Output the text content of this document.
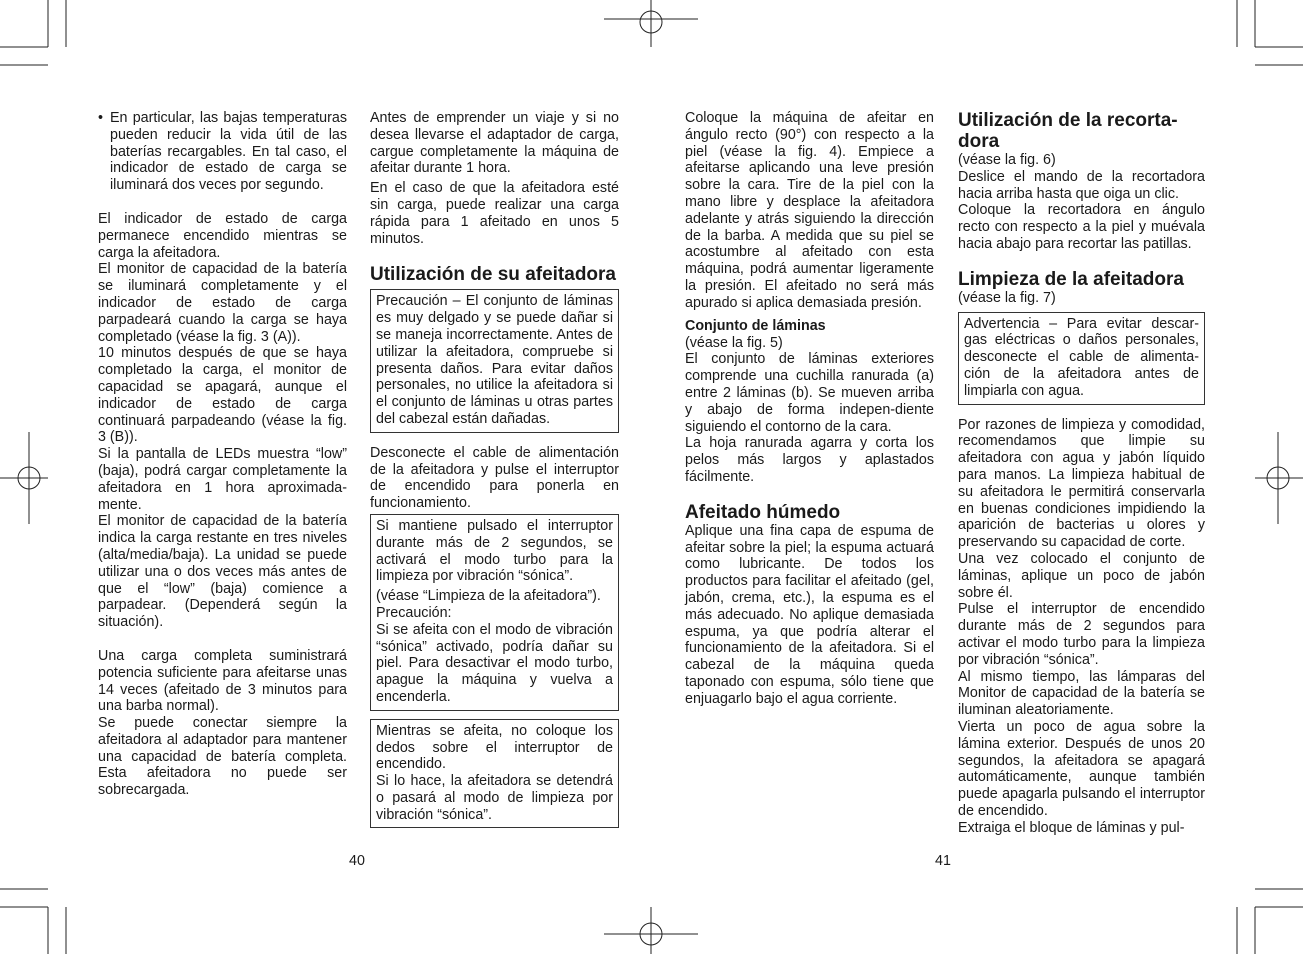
• En particular, las bajas temperaturas pueden reducir la vida útil de las baterías recargables. En tal caso, el indicador de estado de carga se iluminará dos veces por segundo.

El indicador de estado de carga permanece encendido mientras se carga la afeitadora.

El monitor de capacidad de la batería se iluminará completamente y el indicador de estado de carga parpadeará cuando la carga se haya completado (véase la fig. 3 (A)).

10 minutos después de que se haya completado la carga, el monitor de capacidad se apagará, aunque el indicador de estado de carga continuará parpadeando (véase la fig. 3 (B)).

Si la pantalla de LEDs muestra “low” (baja), podrá cargar completamente la afeitadora en 1 hora aproximada- mente.

El monitor de capacidad de la batería indica la carga restante en tres niveles (alta/media/baja). La unidad se puede utilizar una o dos veces más antes de que el “low” (baja) comience a parpadear. (Dependerá según la situación).

Una carga completa suministrará potencia suficiente para afeitarse unas 14 veces (afeitado de 3 minutos para una barba normal).

Se puede conectar siempre la afeitadora al adaptador para mantener una capacidad de batería completa. Esta afeitadora no puede ser sobrecargada.

Antes de emprender un viaje y si no desea llevarse el adaptador de carga, cargue completamente la máquina de afeitar durante 1 hora.

En el caso de que la afeitadora esté sin carga, puede realizar una carga rápida para 1 afeitado en unos 5 minutos.

Utilización de su afeitadora

Precaución – El conjunto de láminas es muy delgado y se puede dañar si se maneja incorrectamente. Antes de utilizar la afeitadora, compruebe si presenta daños. Para evitar daños personales, no utilice la afeitadora si el conjunto de láminas u otras partes del cabezal están dañadas.

Desconecte el cable de alimentación de la afeitadora y pulse el interruptor de encendido para ponerla en funcionamiento.

Si mantiene pulsado el interruptor durante más de 2 segundos, se activará el modo turbo para la limpieza por vibración “sónica”.

(véase “Limpieza de la afeitadora”).

Precaución:

Si se afeita con el modo de vibración “sónica” activado, podría dañar su piel. Para desactivar el modo turbo, apague la máquina y vuelva a encenderla.

Mientras se afeita, no coloque los dedos sobre el interruptor de encendido.

Si lo hace, la afeitadora se detendrá o pasará al modo de limpieza por vibración “sónica”.

40

Coloque la máquina de afeitar en ángulo recto (90°) con respecto a la piel (véase la fig. 4). Empiece a afeitarse aplicando una leve presión sobre la cara. Tire de la piel con la mano libre y desplace la afeitadora adelante y atrás siguiendo la dirección de la barba. A medida que su piel se acostumbre al afeitado con esta máquina, podrá aumentar ligeramente la presión. El afeitado no será más apurado si aplica demasiada presión.

Conjunto de láminas

(véase la fig. 5)

El conjunto de láminas exteriores comprende una cuchilla ranurada (a) entre 2 láminas (b). Se mueven arriba y abajo de forma indepen-diente siguiendo el contorno de la cara.

La hoja ranurada agarra y corta los pelos más largos y aplastados fácilmente.

Afeitado húmedo

Aplique una fina capa de espuma de afeitar sobre la piel; la espuma actuará como lubricante. De todos los productos para facilitar el afeitado (gel, jabón, crema, etc.), la espuma es el más adecuado. No aplique demasiada espuma, ya que podría alterar el funcionamiento de la afeitadora. Si el cabezal de la máquina queda taponado con espuma, sólo tiene que enjuagarlo bajo el agua corriente.

Utilización de la recorta- dora

(véase la fig. 6)

Deslice el mando de la recortadora hacia arriba hasta que oiga un clic.

Coloque la recortadora en ángulo recto con respecto a la piel y muévala hacia abajo para recortar las patillas.

Limpieza de la afeitadora

(véase la fig. 7)

Advertencia – Para evitar descar- gas eléctricas o daños personales, desconecte el cable de alimenta- ción de la afeitadora antes de limpiarla con agua.

Por razones de limpieza y comodidad, recomendamos que limpie su afeitadora con agua y jabón líquido para manos. La limpieza habitual de su afeitadora le permitirá conservarla en buenas condiciones impidiendo la aparición de bacterias u olores y preservando su capacidad de corte.

Una vez colocado el conjunto de láminas, aplique un poco de jabón sobre él.

Pulse el interruptor de encendido durante más de 2 segundos para activar el modo turbo para la limpieza por vibración “sónica”.

Al mismo tiempo, las lámparas del Monitor de capacidad de la batería se iluminan aleatoriamente.

Vierta un poco de agua sobre la lámina exterior. Después de unos 20 segundos, la afeitadora se apagará automáticamente, aunque también puede apagarla pulsando el interruptor de encendido.

Extraiga el bloque de láminas y pul-

41
